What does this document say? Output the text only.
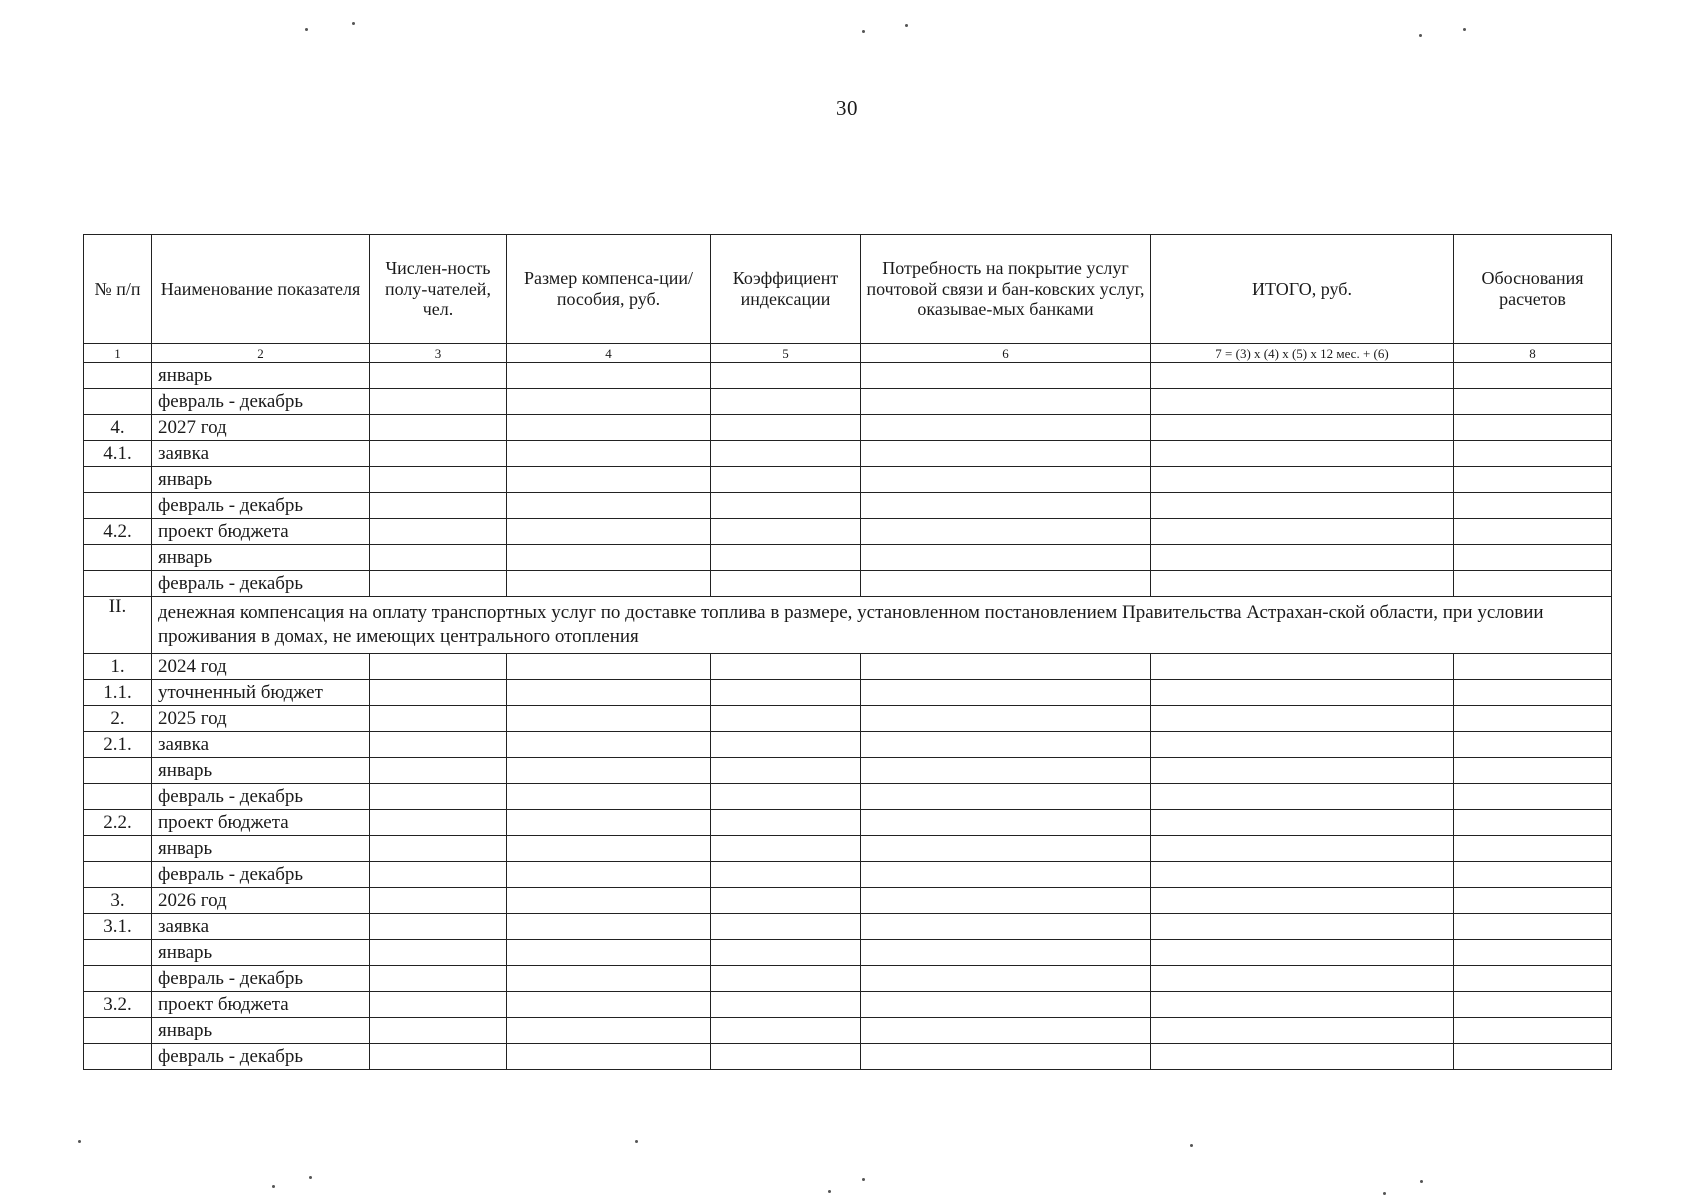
30
№ п/п	Наименование показателя	Числен-ность полу-чателей, чел.	Размер компенса-ции/пособия, руб.	Коэффициент индексации	Потребность на покрытие услуг почтовой связи и бан-ковских услуг, оказывае-мых банками	ИТОГО, руб.	Обоснования расчетов
1	2	3	4	5	6	7 = (3) x (4) x (5) x 12 мес. + (6)	8
	январь						
	февраль - декабрь						
4.	2027 год						
4.1.	заявка						
	январь						
	февраль - декабрь						
4.2.	проект бюджета						
	январь						
	февраль - декабрь						
II.	денежная компенсация на оплату транспортных услуг по доставке топлива в размере, установленном постановлением Правительства Астрахан-ской области, при условии проживания в домах, не имеющих центрального отопления						
1.	2024 год						
1.1.	уточненный бюджет						
2.	2025 год						
2.1.	заявка						
	январь						
	февраль - декабрь						
2.2.	проект бюджета						
	январь						
	февраль - декабрь						
3.	2026 год						
3.1.	заявка						
	январь						
	февраль - декабрь						
3.2.	проект бюджета						
	январь						
	февраль - декабрь						
